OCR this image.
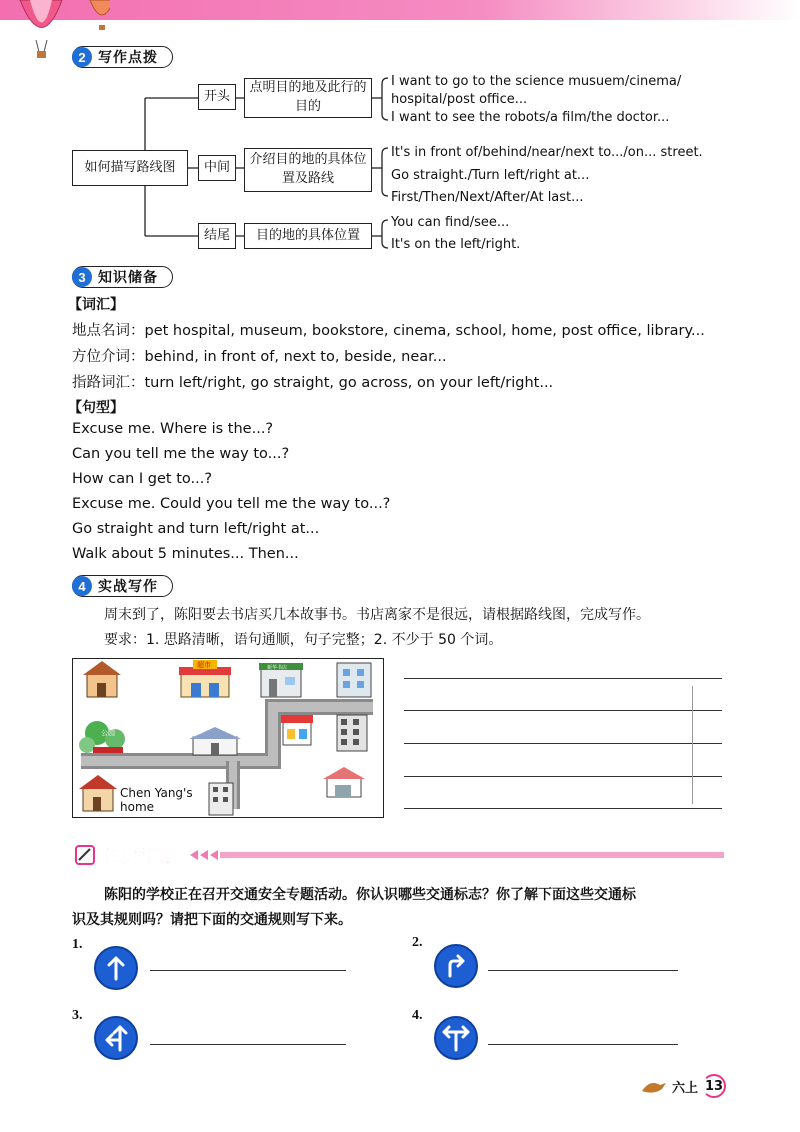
2 写作点拨
如何描写路线图
开头
点明目的地及此行的目的
中间	介绍目的地的具体位置及路线
结尾	目的地的具体位置
I want to go to the science musuem/cinema/
hospital/post office...
I want to see the robots/a film/the doctor...
It's in front of/behind/near/next to.../on... street.
Go straight./Turn left/right at...
First/Then/Next/After/At last...
You can find/see...
It's on the left/right.
3 知识储备
【词汇】
地点名词：pet hospital, museum, bookstore, cinema, school, home, post office, library...
方位介词：behind, in front of, next to, beside, near...
指路词汇：turn left/right, go straight, go across, on your left/right...
【句型】
Excuse me. Where is the...?
Can you tell me the way to...?
How can I get to...?
Excuse me. Could you tell me the way to...?
Go straight and turn left/right at...
Walk about 5 minutes... Then...
4 实战写作
周末到了，陈阳要去书店买几本故事书。书店离家不是很远，请根据路线图，完成写作。
要求：1. 思路清晰，语句通顺，句子完整；2. 不少于 50 个词。
超市	新华书店
公园
Chen Yang's
home
主题实践
陈阳的学校正在召开交通安全专题活动。你认识哪些交通标志？你了解下面这些交通标
识及其规则吗？请把下面的交通规则写下来。
1.	2.
3.	4.
六上 13
